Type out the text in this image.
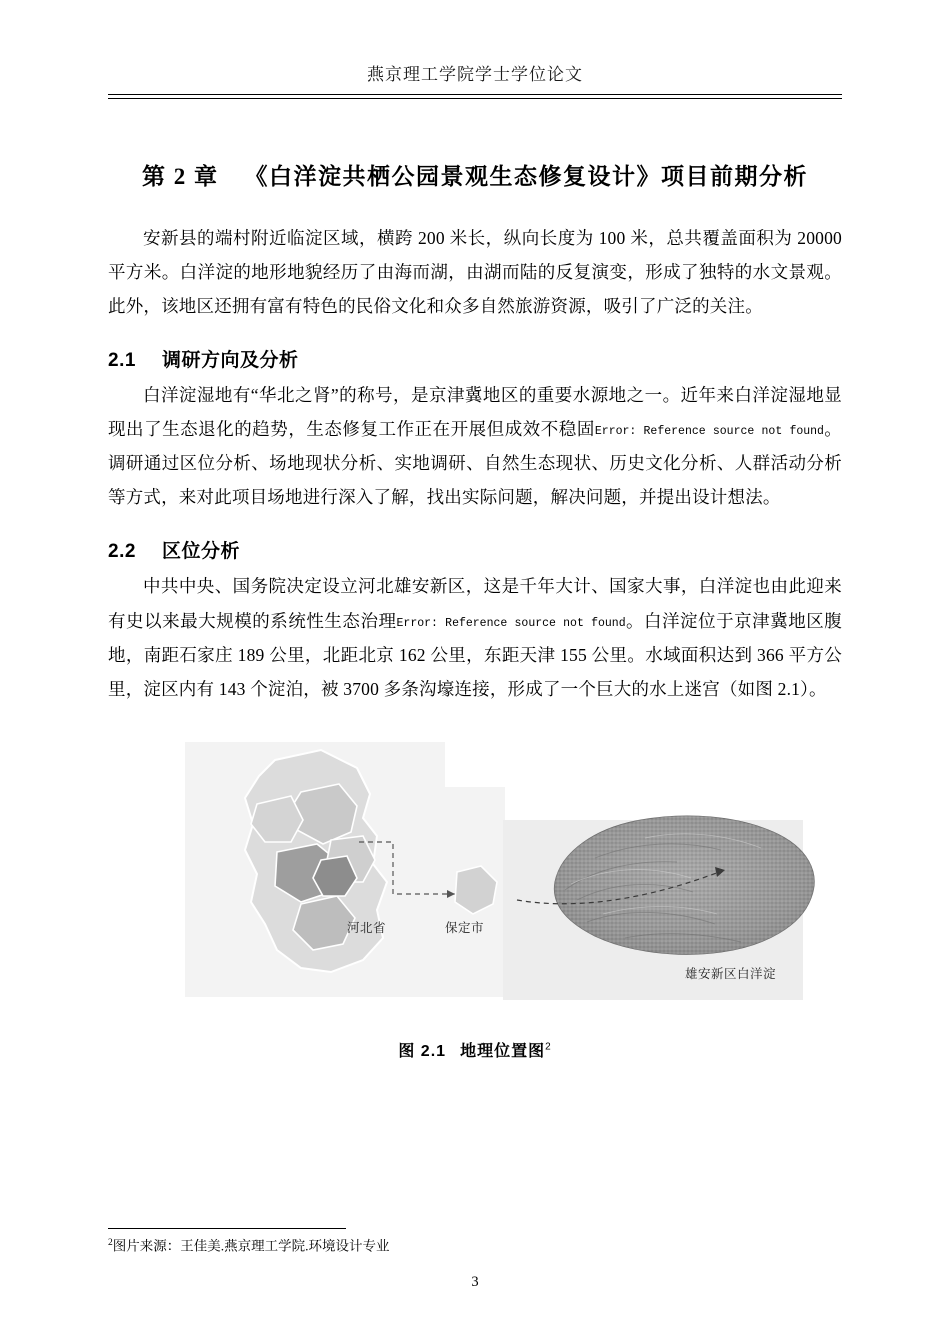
燕京理工学院学士学位论文
第 2 章 《白洋淀共栖公园景观生态修复设计》项目前期分析

安新县的端村附近临淀区域，横跨 200 米长，纵向长度为 100 米，总共覆盖面积为 20000 平方米。白洋淀的地形地貌经历了由海而湖，由湖而陆的反复演变，形成了独特的水文景观。此外，该地区还拥有富有特色的民俗文化和众多自然旅游资源，吸引了广泛的关注。

2.1 调研方向及分析

白洋淀湿地有“华北之肾”的称号，是京津冀地区的重要水源地之一。近年来白洋淀湿地显现出了生态退化的趋势，生态修复工作正在开展但成效不稳固Error: Reference source not found。调研通过区位分析、场地现状分析、实地调研、自然生态现状、历史文化分析、人群活动分析等方式，来对此项目场地进行深入了解，找出实际问题，解决问题，并提出设计想法。

2.2 区位分析

中共中央、国务院决定设立河北雄安新区，这是千年大计、国家大事，白洋淀也由此迎来有史以来最大规模的系统性生态治理Error: Reference source not found。白洋淀位于京津冀地区腹地，南距石家庄 189 公里，北距北京 162 公里，东距天津 155 公里。水域面积达到 366 平方公里，淀区内有 143 个淀泊，被 3700 多条沟壕连接，形成了一个巨大的水上迷宫（如图 2.1）。

河北省	保定市
雄安新区白洋淀
图 2.1 地理位置图$^2$
$^2$图片来源：王佳美.燕京理工学院.环境设计专业
3
